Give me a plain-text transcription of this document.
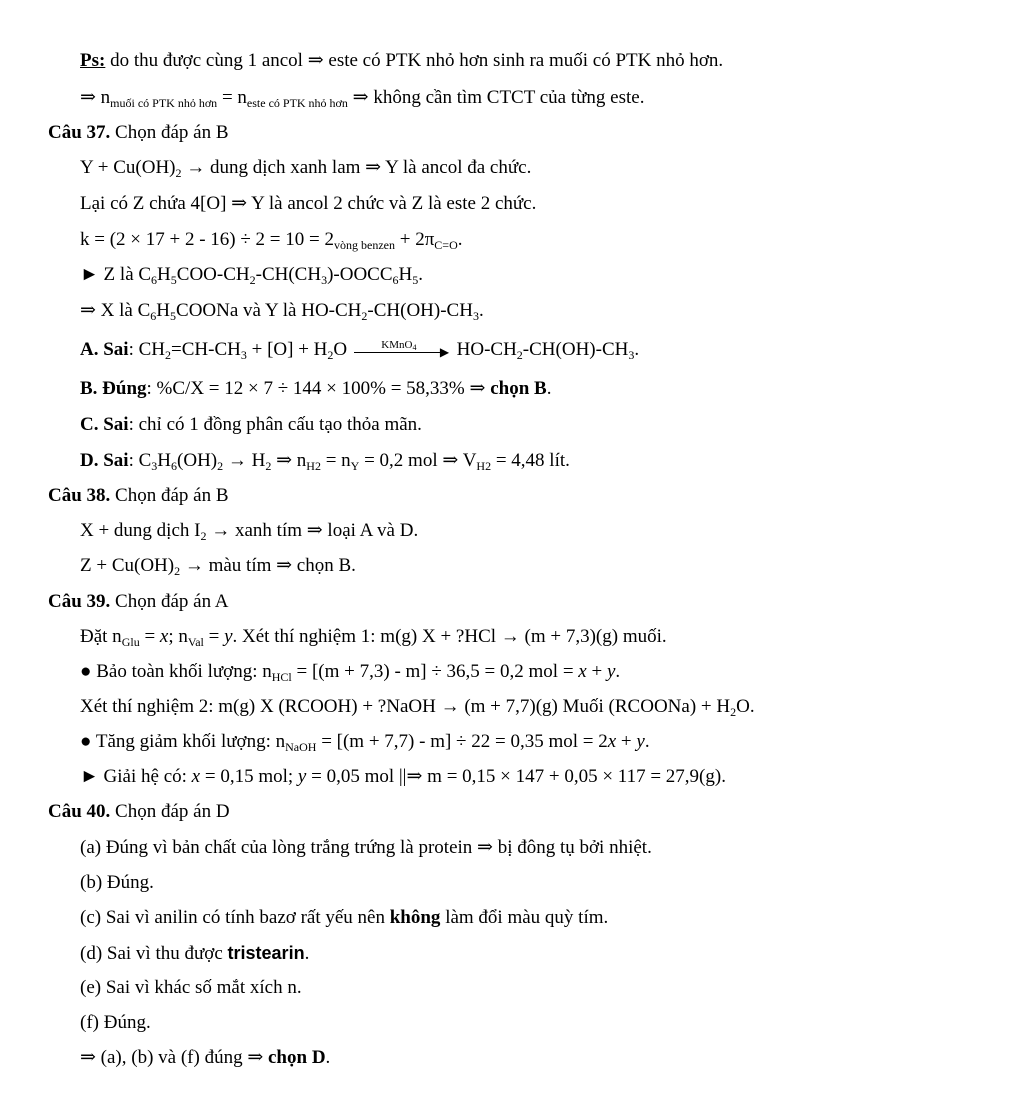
Ps: do thu được cùng 1 ancol ⇒ este có PTK nhỏ hơn sinh ra muối có PTK nhỏ hơn.
⇒ $n_{muối có PTK nhỏ hơn} = n_{este có PTK nhỏ hơn}$ ⇒ không cần tìm CTCT của từng este.
Câu 37. Chọn đáp án B
$Y + Cu(OH)_2$ → dung dịch xanh lam ⇒ Y là ancol đa chức.
Lại có Z chứa 4[O] ⇒ Y là ancol 2 chức và Z là este 2 chức.
$k = (2 \times 17 + 2 - 16) \div 2 = 10 = 2_{vòng benzen} + 2\pi_{C=O}$.
► Z là $C_6H_5COO-CH_2-CH(CH_3)-OOCC_6H_5$.
⇒ X là $C_6H_5COONa$ và Y là $HO-CH_2-CH(OH)-CH_3$.
A. Sai: $CH_2=CH-CH_3 + [O] + H_2O$	KMnO$_4$	▶ $HO-CH_2-CH(OH)-CH_3$.
B. Đúng: %C/X = 12 × 7 ÷ 144 × 100% = 58,33% ⇒ chọn B.
C. Sai: chỉ có 1 đồng phân cấu tạo thỏa mãn.
D. Sai: $C_3H_6(OH)_2 \to H_2$ ⇒ $n_{H2} = n_Y = 0,2$ mol ⇒ $V_{H2} = 4,48$ lít.
Câu 38. Chọn đáp án B
X + dung dịch $I_2$ → xanh tím ⇒ loại A và D.
$Z + Cu(OH)_2$ → màu tím ⇒ chọn B.
Câu 39. Chọn đáp án A
Đặt $n_{Glu} = x$; $n_{Val} = y$. Xét thí nghiệm 1: m(g) X + ?HCl → (m + 7,3)(g) muối.
● Bảo toàn khối lượng: $n_{HCl} = [(m + 7,3) - m] \div 36,5 = 0,2$ mol = x + y.
Xét thí nghiệm 2: m(g) X (RCOOH) + ?NaOH → (m + 7,7)(g) Muối (RCOONa) + $H_2O$.
● Tăng giảm khối lượng: $n_{NaOH} = [(m + 7,7) - m] \div 22 = 0,35$ mol = 2x + y.
► Giải hệ có: x = 0,15 mol; y = 0,05 mol ||⇒ m = 0,15 × 147 + 0,05 × 117 = 27,9(g).
Câu 40. Chọn đáp án D
(a) Đúng vì bản chất của lòng trắng trứng là protein ⇒ bị đông tụ bởi nhiệt.
(b) Đúng.
(c) Sai vì anilin có tính bazơ rất yếu nên không làm đổi màu quỳ tím.
(d) Sai vì thu được tristearin.
(e) Sai vì khác số mắt xích n.
(f) Đúng.
⇒ (a), (b) và (f) đúng ⇒ chọn D.
